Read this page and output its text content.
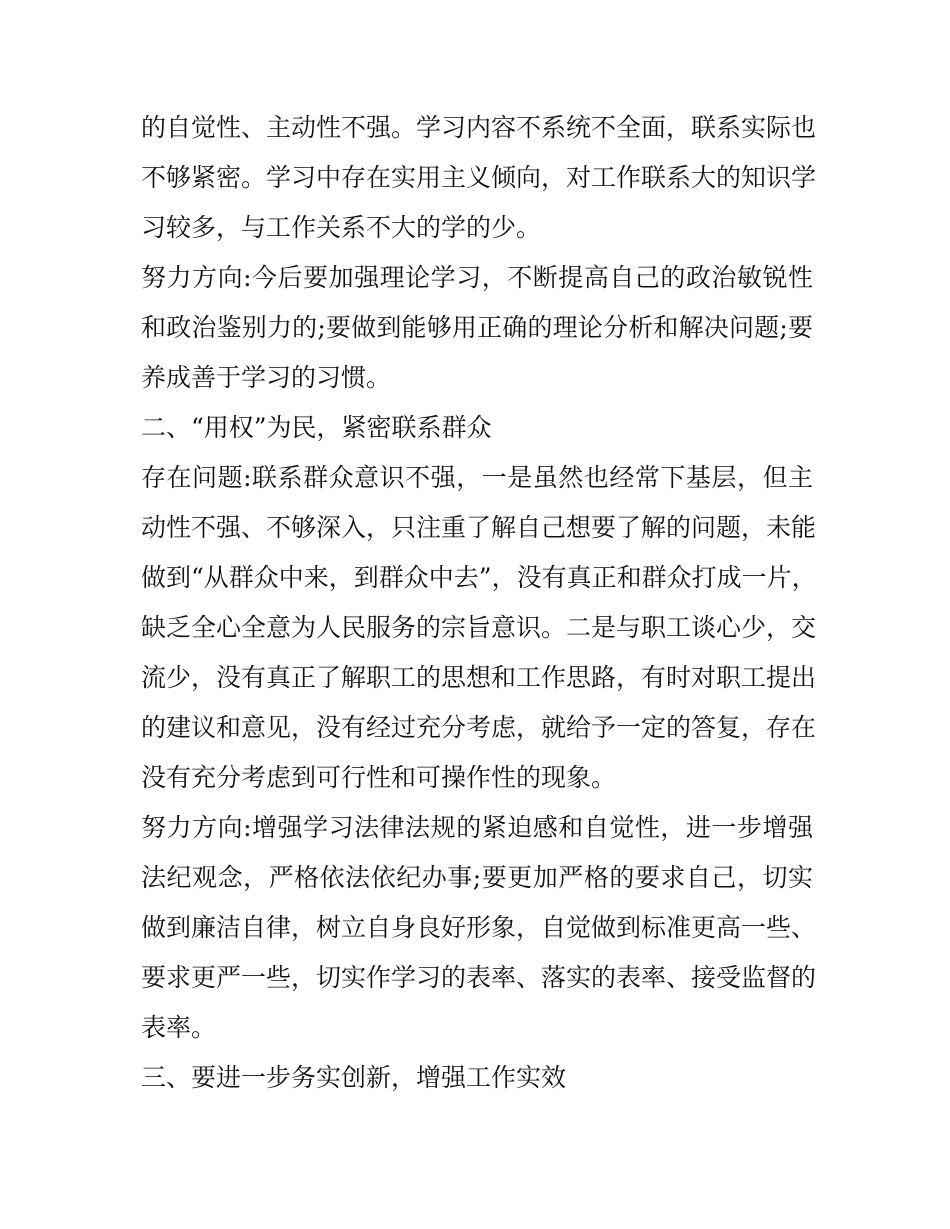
的自觉性、主动性不强。学习内容不系统不全面，联系实际也
不够紧密。学习中存在实用主义倾向，对工作联系大的知识学
习较多，与工作关系不大的学的少。
努力方向:今后要加强理论学习，不断提高自己的政治敏锐性
和政治鉴别力的;要做到能够用正确的理论分析和解决问题;要
养成善于学习的习惯。
二、“用权”为民，紧密联系群众
存在问题:联系群众意识不强，一是虽然也经常下基层，但主
动性不强、不够深入，只注重了解自己想要了解的问题，未能
做到“从群众中来，到群众中去”，没有真正和群众打成一片，
缺乏全心全意为人民服务的宗旨意识。二是与职工谈心少，交
流少，没有真正了解职工的思想和工作思路，有时对职工提出
的建议和意见，没有经过充分考虑，就给予一定的答复，存在
没有充分考虑到可行性和可操作性的现象。
努力方向:增强学习法律法规的紧迫感和自觉性，进一步增强
法纪观念，严格依法依纪办事;要更加严格的要求自己，切实
做到廉洁自律，树立自身良好形象，自觉做到标准更高一些、
要求更严一些，切实作学习的表率、落实的表率、接受监督的
表率。
三、要进一步务实创新，增强工作实效
